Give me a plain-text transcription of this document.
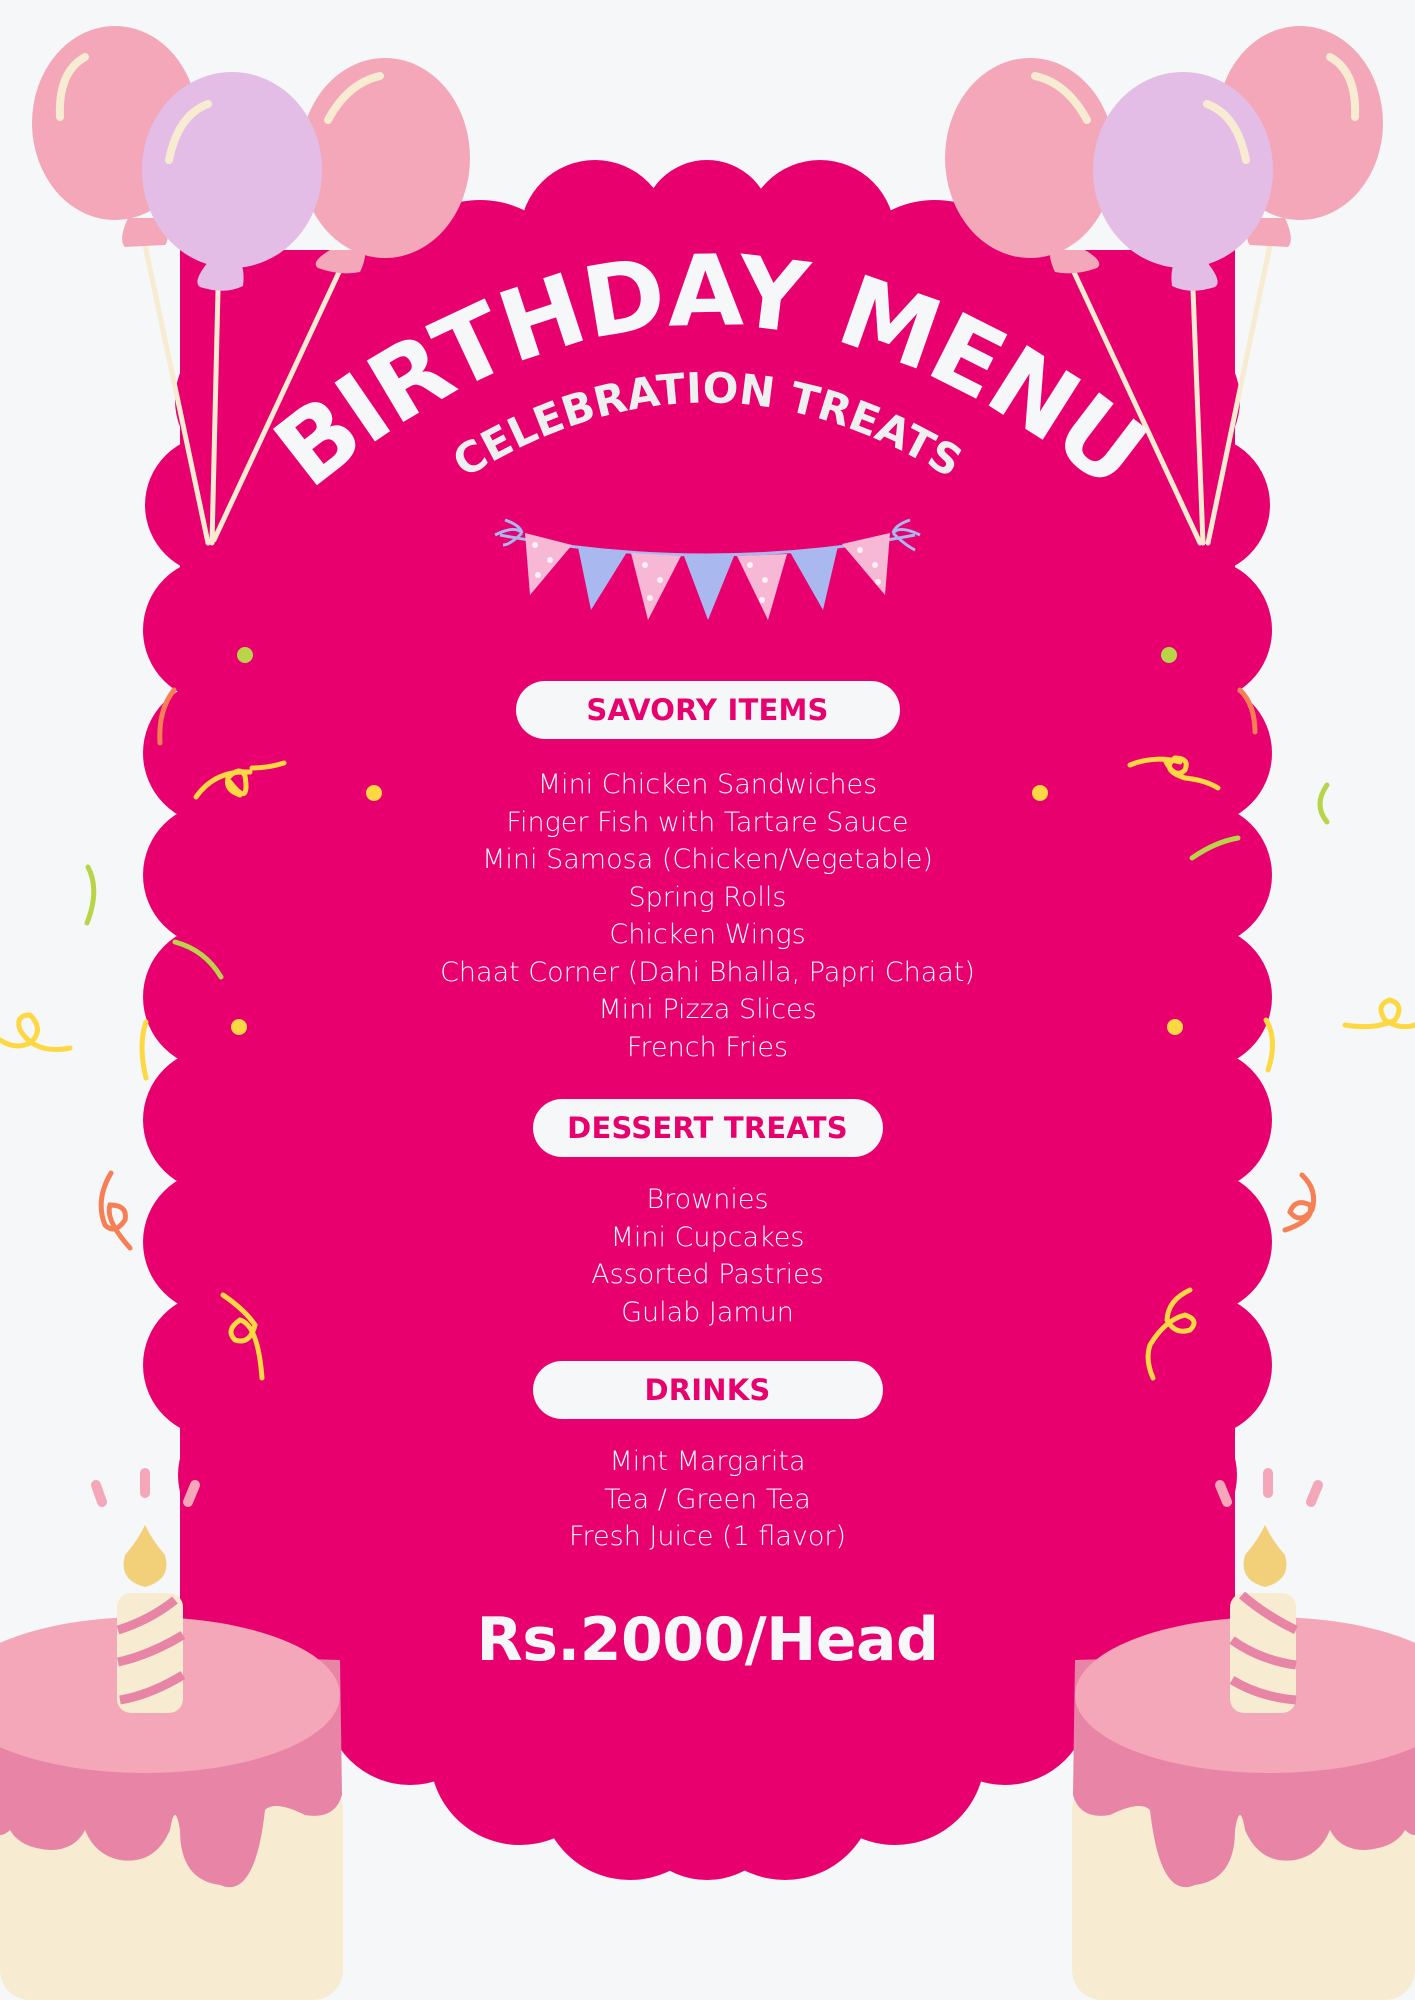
BIRTHDAY MENU
CELEBRATION TREATS
SAVORY ITEMS
Mini Chicken Sandwiches
Finger Fish with Tartare Sauce
Mini Samosa (Chicken/Vegetable)
Spring Rolls
Chicken Wings
Chaat Corner (Dahi Bhalla, Papri Chaat)
Mini Pizza Slices
French Fries
DESSERT TREATS
Brownies
Mini Cupcakes
Assorted Pastries
Gulab Jamun
DRINKS
Mint Margarita
Tea / Green Tea
Fresh Juice (1 flavor)
Rs.2000/Head
